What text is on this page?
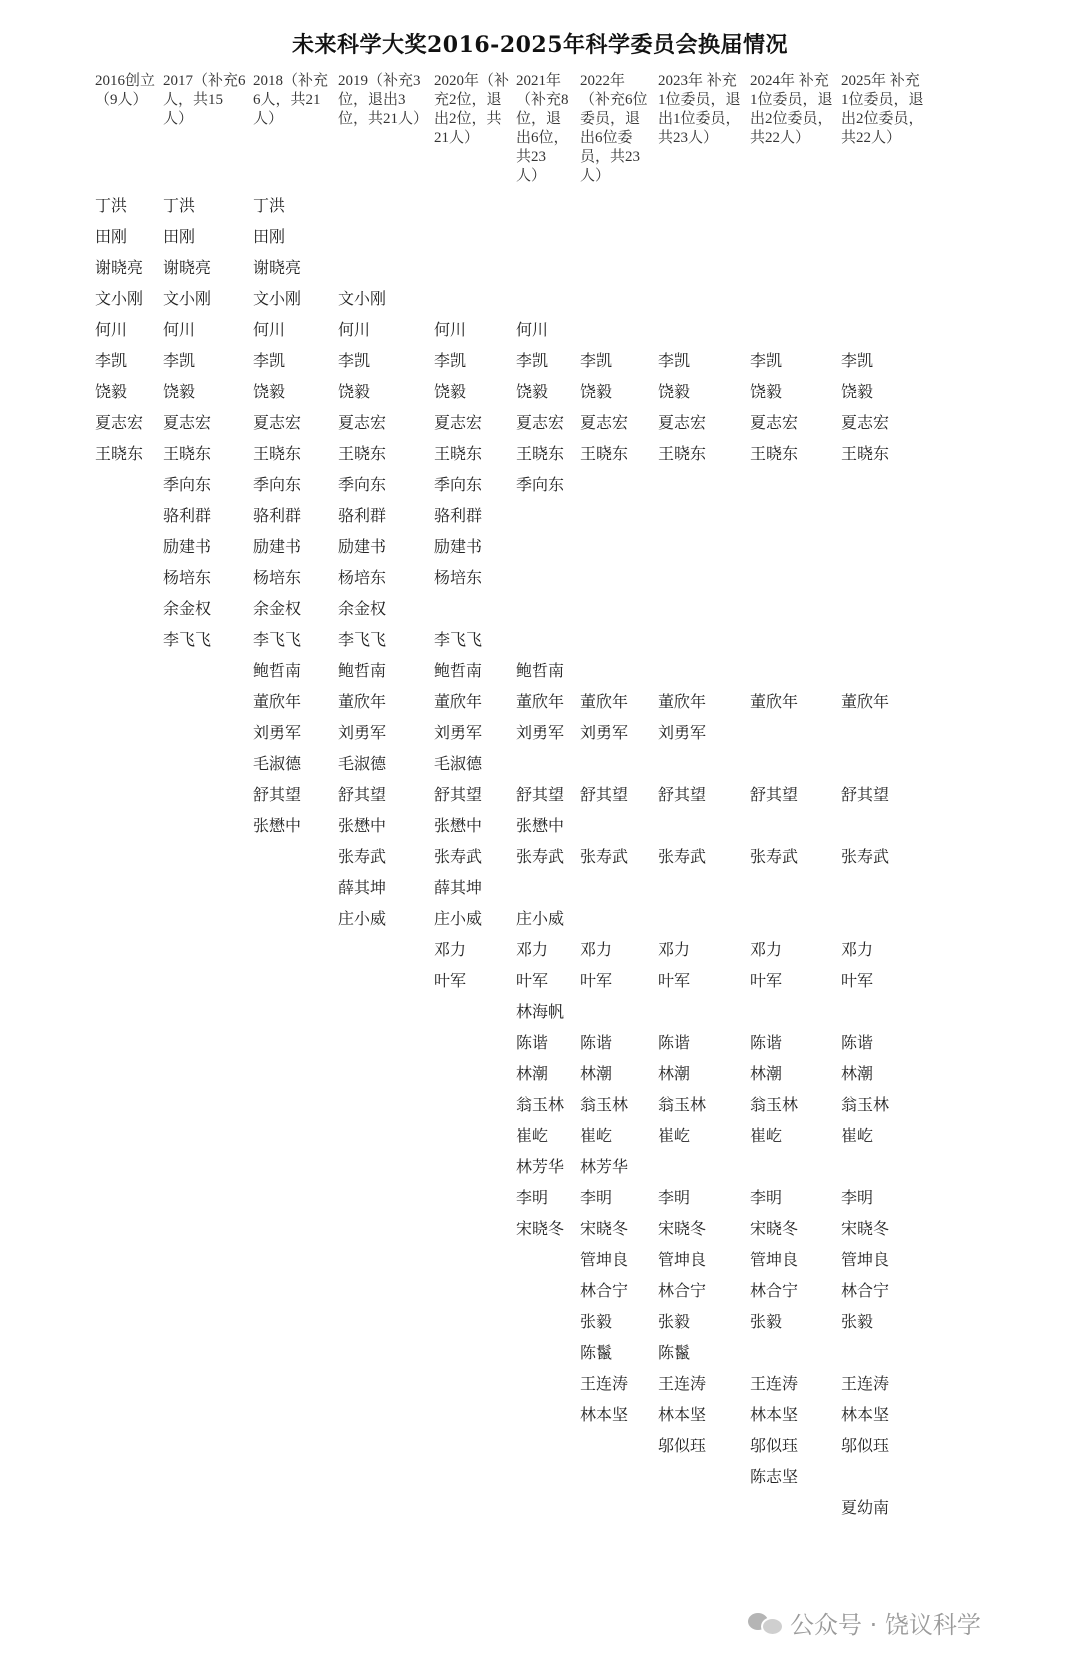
未来科学大奖2016-2025年科学委员会换届情况

2016创立
（9人）

丁洪
田刚
谢晓亮
文小刚
何川
李凯
饶毅
夏志宏
王晓东

2017（补充6
人，共15
人）

丁洪
田刚
谢晓亮
文小刚
何川
李凯
饶毅
夏志宏
王晓东
季向东
骆利群
励建书
杨培东
余金权
李飞飞

2018（补充
6人，共21
人）

丁洪
田刚
谢晓亮
文小刚
何川
李凯
饶毅
夏志宏
王晓东
季向东
骆利群
励建书
杨培东
余金权
李飞飞
鲍哲南
董欣年
刘勇军
毛淑德
舒其望
张懋中

2019（补充3
位，退出3
位，共21人）

文小刚
何川
李凯
饶毅
夏志宏
王晓东
季向东
骆利群
励建书
杨培东
余金权
李飞飞
鲍哲南
董欣年
刘勇军
毛淑德
舒其望
张懋中
张寿武
薛其坤
庄小威

2020年（补
充2位，退
出2位，共
21人）

何川
李凯
饶毅
夏志宏
王晓东
季向东
骆利群
励建书
杨培东
李飞飞
鲍哲南
董欣年
刘勇军
毛淑德
舒其望
张懋中
张寿武
薛其坤
庄小威
邓力
叶军

2021年
（补充8
位，退
出6位，
共23
人）

何川
李凯
饶毅
夏志宏
王晓东
季向东
鲍哲南
董欣年
刘勇军
舒其望
张懋中
张寿武
庄小威
邓力
叶军
林海帆
陈谐
林潮
翁玉林
崔屹
林芳华
李明
宋晓冬

2022年
（补充6位
委员，退
出6位委
员，共23
人）

李凯
饶毅
夏志宏
王晓东
董欣年
刘勇军
舒其望
张寿武
邓力
叶军
陈谐
林潮
翁玉林
崔屹
林芳华
李明
宋晓冬
管坤良
林合宁
张毅
陈鬣
王连涛
林本坚

2023年 补充
1位委员，退
出1位委员，
共23人）

李凯
饶毅
夏志宏
王晓东
董欣年
刘勇军
舒其望
张寿武
邓力
叶军
陈谐
林潮
翁玉林
崔屹
李明
宋晓冬
管坤良
林合宁
张毅
陈鬣
王连涛
林本坚
邬似珏

2024年 补充
1位委员，退
出2位委员，
共22人）

李凯
饶毅
夏志宏
王晓东
董欣年
舒其望
张寿武
邓力
叶军
陈谐
林潮
翁玉林
崔屹
李明
宋晓冬
管坤良
林合宁
张毅
王连涛
林本坚
邬似珏
陈志坚

2025年 补充
1位委员，退
出2位委员，
共22人）

李凯
饶毅
夏志宏
王晓东
董欣年
舒其望
张寿武
邓力
叶军
陈谐
林潮
翁玉林
崔屹
李明
宋晓冬
管坤良
林合宁
张毅
王连涛
林本坚
邬似珏
夏幼南
公众号 · 饶议科学
